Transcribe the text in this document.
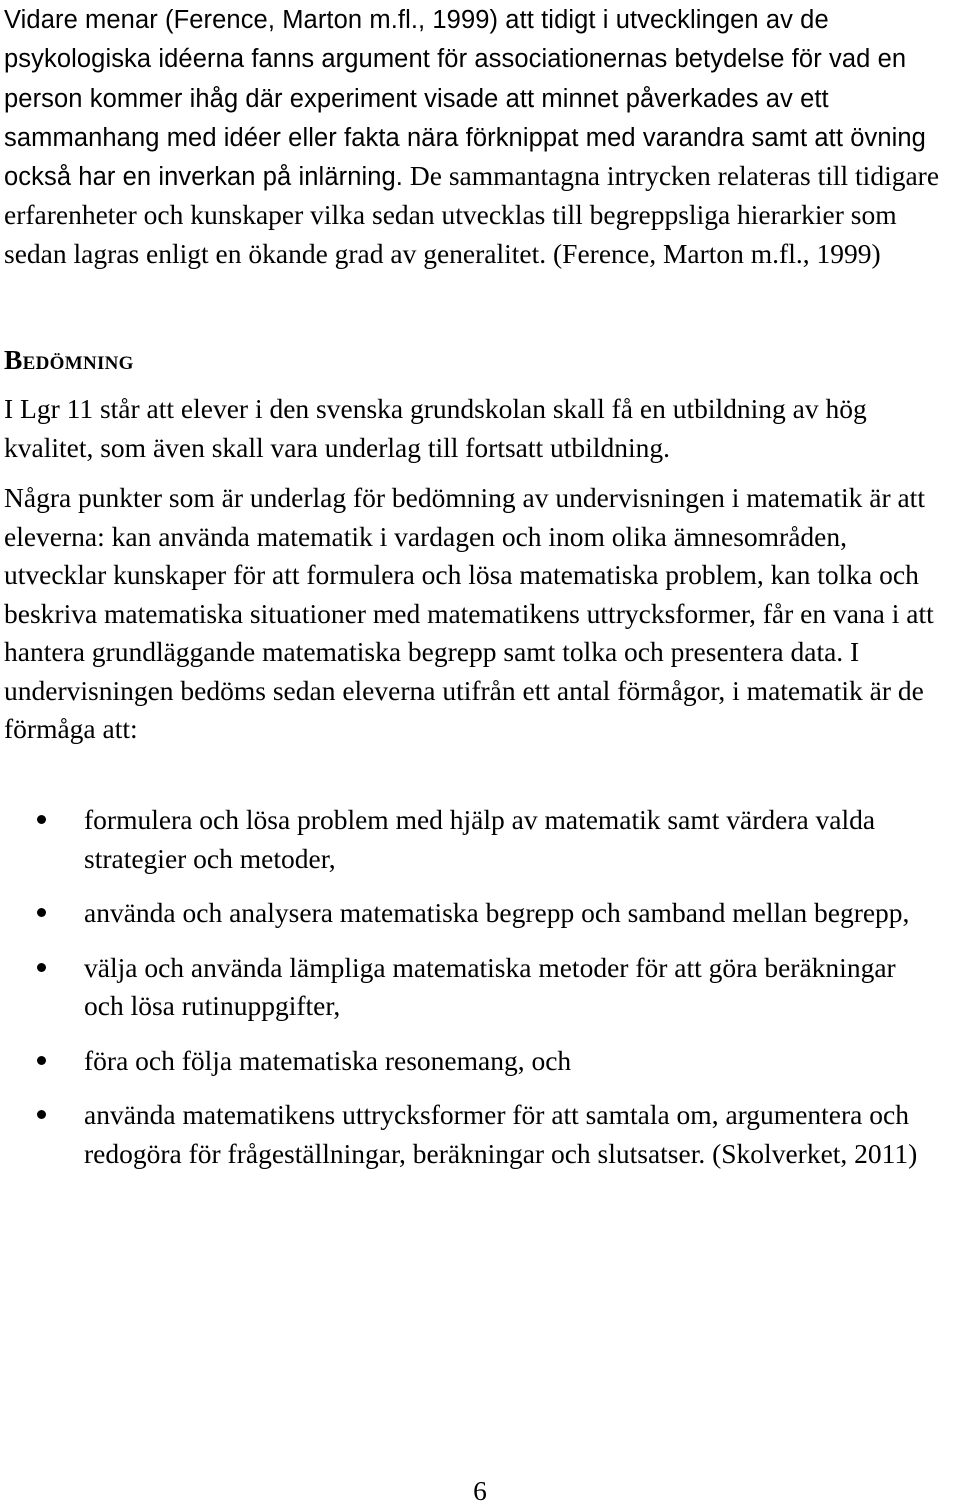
Vidare menar (Ference, Marton m.fl., 1999) att tidigt i utvecklingen av de psykologiska idéerna fanns argument för associationernas betydelse för vad en person kommer ihåg där experiment visade att minnet påverkades av ett sammanhang med idéer eller fakta nära förknippat med varandra samt att övning också har en inverkan på inlärning. De sammantagna intrycken relateras till tidigare erfarenheter och kunskaper vilka sedan utvecklas till begreppsliga hierarkier som sedan lagras enligt en ökande grad av generalitet. (Ference, Marton m.fl., 1999)

Bedömning

I Lgr 11 står att elever i den svenska grundskolan skall få en utbildning av hög kvalitet, som även skall vara underlag till fortsatt utbildning.

Några punkter som är underlag för bedömning av undervisningen i matematik är att eleverna: kan använda matematik i vardagen och inom olika ämnesområden, utvecklar kunskaper för att formulera och lösa matematiska problem, kan tolka och beskriva matematiska situationer med matematikens uttrycksformer, får en vana i att hantera grundläggande matematiska begrepp samt tolka och presentera data. I undervisningen bedöms sedan eleverna utifrån ett antal förmågor, i matematik är de förmåga att:

formulera och lösa problem med hjälp av matematik samt värdera valda strategier och metoder,
använda och analysera matematiska begrepp och samband mellan begrepp,
välja och använda lämpliga matematiska metoder för att göra beräkningar och lösa rutinuppgifter,
föra och följa matematiska resonemang, och
använda matematikens uttrycksformer för att samtala om, argumentera och redogöra för frågeställningar, beräkningar och slutsatser. (Skolverket, 2011)
6
